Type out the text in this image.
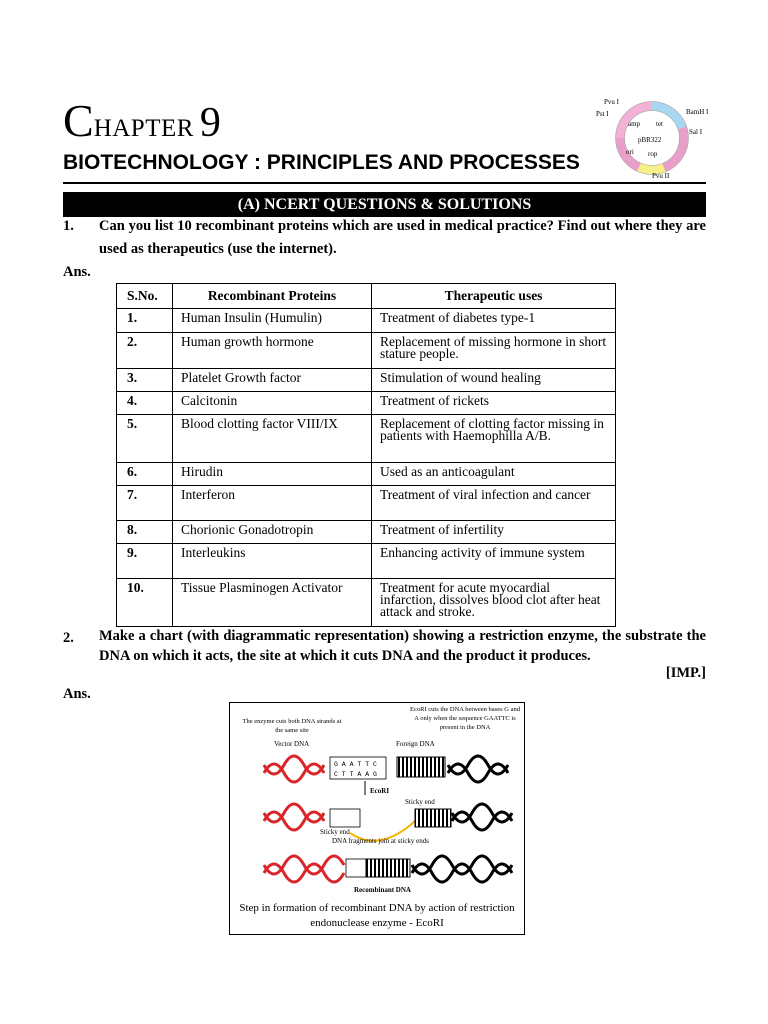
CHAPTER 9	Pvu I
amp tet
BamH I
Sal I
pBR322
ori rop
Pvu II
Pst I
BIOTECHNOLOGY : PRINCIPLES AND PROCESSES
(A) NCERT QUESTIONS & SOLUTIONS
1. Can you list 10 recombinant proteins which are used in medical practice? Find out where they are used as therapeutics (use the internet).
Ans.
S.No.	Recombinant Proteins	Therapeutic uses
1.	Human Insulin (Humulin)	Treatment of diabetes type-1
2.	Human growth hormone	Replacement of missing hormone in short stature people.
3.	Platelet Growth factor	Stimulation of wound healing
4.	Calcitonin	Treatment of rickets
5.	Blood clotting factor VIII/IX	Replacement of clotting factor missing in patients with Haemophilla A/B.
6.	Hirudin	Used as an anticoagulant
7.	Interferon	Treatment of viral infection and cancer
8.	Chorionic Gonadotropin	Treatment of infertility
9.	Interleukins	Enhancing activity of immune system
10.	Tissue Plasminogen Activator	Treatment for acute myocardial infarction, dissolves blood clot after heat attack and stroke.
2. Make a chart (with diagrammatic representation) showing a restriction enzyme, the substrate the DNA on which it acts, the site at which it cuts DNA and the product it produces.
[IMP.]
Ans.
G A A T T C
C T T A A G
EcoRI cuts the DNA between bases G and A only when the sequence GAATTC is present in the DNA
The enzyme cuts both DNA strands at the same site
Vector DNA	Foreign DNA
EcoRI
Sticky end
Sticky end
DNA fragments join at sticky ends
Recombinant DNA
Step in formation of recombinant DNA by action of restriction endonuclease enzyme - EcoRI
